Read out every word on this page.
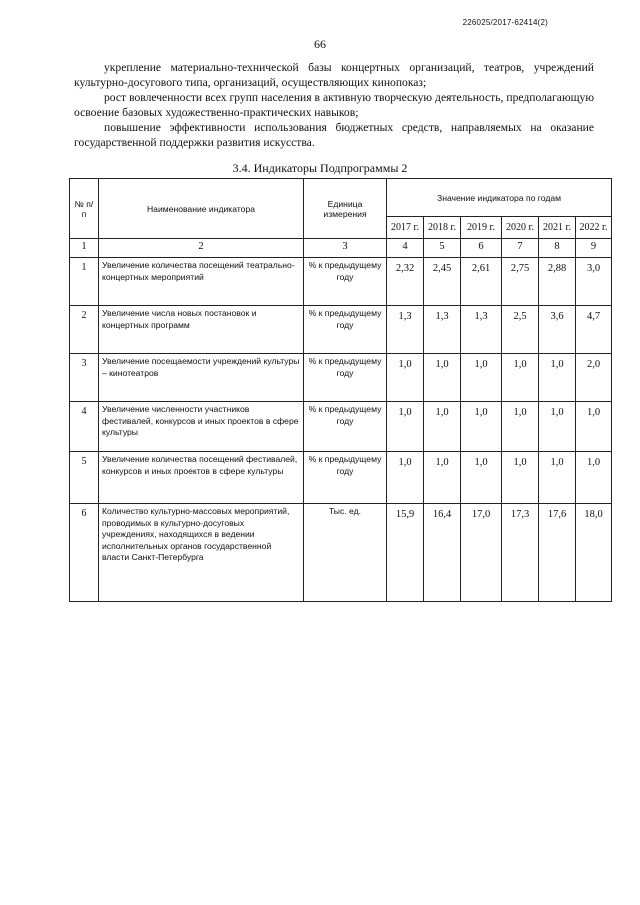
226025/2017-62414(2)
66

укрепление материально-технической базы концертных организаций, театров, учреждений культурно-досугового типа, организаций, осуществляющих кинопоказ;

рост вовлеченности всех групп населения в активную творческую деятельность, предполагающую освоение базовых художественно-практических навыков;

повышение эффективности использования бюджетных средств, направляемых на оказание государственной поддержки развития искусства.

3.4. Индикаторы Подпрограммы 2
№ п/п	Наименование индикатора	Единица измерения	Значение индикатора по годам					
			2017 г.	2018 г.	2019 г.	2020 г.	2021 г.	2022 г.
1	2	3	4	5	6	7	8	9
1	Увеличение количества посещений театрально-концертных мероприятий	% к предыдущему году	2,32	2,45	2,61	2,75	2,88	3,0
2	Увеличение числа новых постановок и концертных программ	% к предыдущему году	1,3	1,3	1,3	2,5	3,6	4,7
3	Увеличение посещаемости учреждений культуры – кинотеатров	% к предыдущему году	1,0	1,0	1,0	1,0	1,0	2,0
4	Увеличение численности участников фестивалей, конкурсов и иных проектов в сфере культуры	% к предыдущему году	1,0	1,0	1,0	1,0	1,0	1,0
5	Увеличение количества посещений фестивалей, конкурсов и иных проектов в сфере культуры	% к предыдущему году	1,0	1,0	1,0	1,0	1,0	1,0
6	Количество культурно-массовых мероприятий, проводимых в культурно-досуговых учреждениях, находящихся в ведении исполнительных органов государственной власти Санкт-Петербурга	Тыс. ед.	15,9	16,4	17,0	17,3	17,6	18,0
